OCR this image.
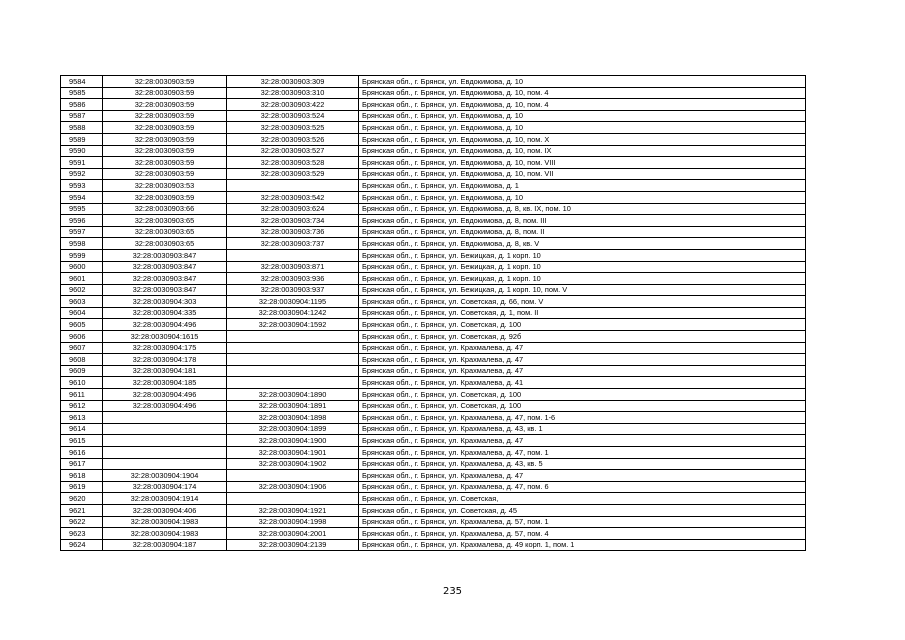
9584	32:28:0030903:59	32:28:0030903:309	Брянская обл., г. Брянск, ул. Евдокимова, д. 10
9585	32:28:0030903:59	32:28:0030903:310	Брянская обл., г. Брянск, ул. Евдокимова, д. 10, пом. 4
9586	32:28:0030903:59	32:28:0030903:422	Брянская обл., г. Брянск, ул. Евдокимова, д. 10, пом. 4
9587	32:28:0030903:59	32:28:0030903:524	Брянская обл., г. Брянск, ул. Евдокимова, д. 10
9588	32:28:0030903:59	32:28:0030903:525	Брянская обл., г. Брянск, ул. Евдокимова, д. 10
9589	32:28:0030903:59	32:28:0030903:526	Брянская обл., г. Брянск, ул. Евдокимова, д. 10, пом. X
9590	32:28:0030903:59	32:28:0030903:527	Брянская обл., г. Брянск, ул. Евдокимова, д. 10, пом. IX
9591	32:28:0030903:59	32:28:0030903:528	Брянская обл., г. Брянск, ул. Евдокимова, д. 10, пом. VIII
9592	32:28:0030903:59	32:28:0030903:529	Брянская обл., г. Брянск, ул. Евдокимова, д. 10, пом. VII
9593	32:28:0030903:53		Брянская обл., г. Брянск, ул. Евдокимова, д. 1
9594	32:28:0030903:59	32:28:0030903:542	Брянская обл., г. Брянск, ул. Евдокимова, д. 10
9595	32:28:0030903:66	32:28:0030903:624	Брянская обл., г. Брянск, ул. Евдокимова, д. 8, кв. IX, пом. 10
9596	32:28:0030903:65	32:28:0030903:734	Брянская обл., г. Брянск, ул. Евдокимова, д. 8, пом. III
9597	32:28:0030903:65	32:28:0030903:736	Брянская обл., г. Брянск, ул. Евдокимова, д. 8, пом. II
9598	32:28:0030903:65	32:28:0030903:737	Брянская обл., г. Брянск, ул. Евдокимова, д. 8, кв. V
9599	32:28:0030903:847		Брянская обл., г. Брянск, ул. Бежицкая, д. 1 корп. 10
9600	32:28:0030903:847	32:28:0030903:871	Брянская обл., г. Брянск, ул. Бежицкая, д. 1 корп. 10
9601	32:28:0030903:847	32:28:0030903:936	Брянская обл., г. Брянск, ул. Бежицкая, д. 1 корп. 10
9602	32:28:0030903:847	32:28:0030903:937	Брянская обл., г. Брянск, ул. Бежицкая, д. 1 корп. 10, пом. V
9603	32:28:0030904:303	32:28:0030904:1195	Брянская обл., г. Брянск, ул. Советская, д. 66, пом. V
9604	32:28:0030904:335	32:28:0030904:1242	Брянская обл., г. Брянск, ул. Советская, д. 1, пом. II
9605	32:28:0030904:496	32:28:0030904:1592	Брянская обл., г. Брянск, ул. Советская, д. 100
9606	32:28:0030904:1615		Брянская обл., г. Брянск, ул. Советская, д. 92б
9607	32:28:0030904:175		Брянская обл., г. Брянск, ул. Крахмалева, д. 47
9608	32:28:0030904:178		Брянская обл., г. Брянск, ул. Крахмалева, д. 47
9609	32:28:0030904:181		Брянская обл., г. Брянск, ул. Крахмалева, д. 47
9610	32:28:0030904:185		Брянская обл., г. Брянск, ул. Крахмалева, д. 41
9611	32:28:0030904:496	32:28:0030904:1890	Брянская обл., г. Брянск, ул. Советская, д. 100
9612	32:28:0030904:496	32:28:0030904:1891	Брянская обл., г. Брянск, ул. Советская, д. 100
9613		32:28:0030904:1898	Брянская обл., г. Брянск, ул. Крахмалева, д. 47, пом. 1-6
9614		32:28:0030904:1899	Брянская обл., г. Брянск, ул. Крахмалева, д. 43, кв. 1
9615		32:28:0030904:1900	Брянская обл., г. Брянск, ул. Крахмалева, д. 47
9616		32:28:0030904:1901	Брянская обл., г. Брянск, ул. Крахмалева, д. 47, пом. 1
9617		32:28:0030904:1902	Брянская обл., г. Брянск, ул. Крахмалева, д. 43, кв. 5
9618	32:28:0030904:1904		Брянская обл., г. Брянск, ул. Крахмалева, д. 47
9619	32:28:0030904:174	32:28:0030904:1906	Брянская обл., г. Брянск, ул. Крахмалева, д. 47, пом. 6
9620	32:28:0030904:1914		Брянская обл., г. Брянск, ул. Советская,
9621	32:28:0030904:406	32:28:0030904:1921	Брянская обл., г. Брянск, ул. Советская, д. 45
9622	32:28:0030904:1983	32:28:0030904:1998	Брянская обл., г. Брянск, ул. Крахмалева, д. 57, пом. 1
9623	32:28:0030904:1983	32:28:0030904:2001	Брянская обл., г. Брянск, ул. Крахмалева, д. 57, пом. 4
9624	32:28:0030904:187	32:28:0030904:2139	Брянская обл., г. Брянск, ул. Крахмалева, д. 49 корп. 1, пом. 1
235
